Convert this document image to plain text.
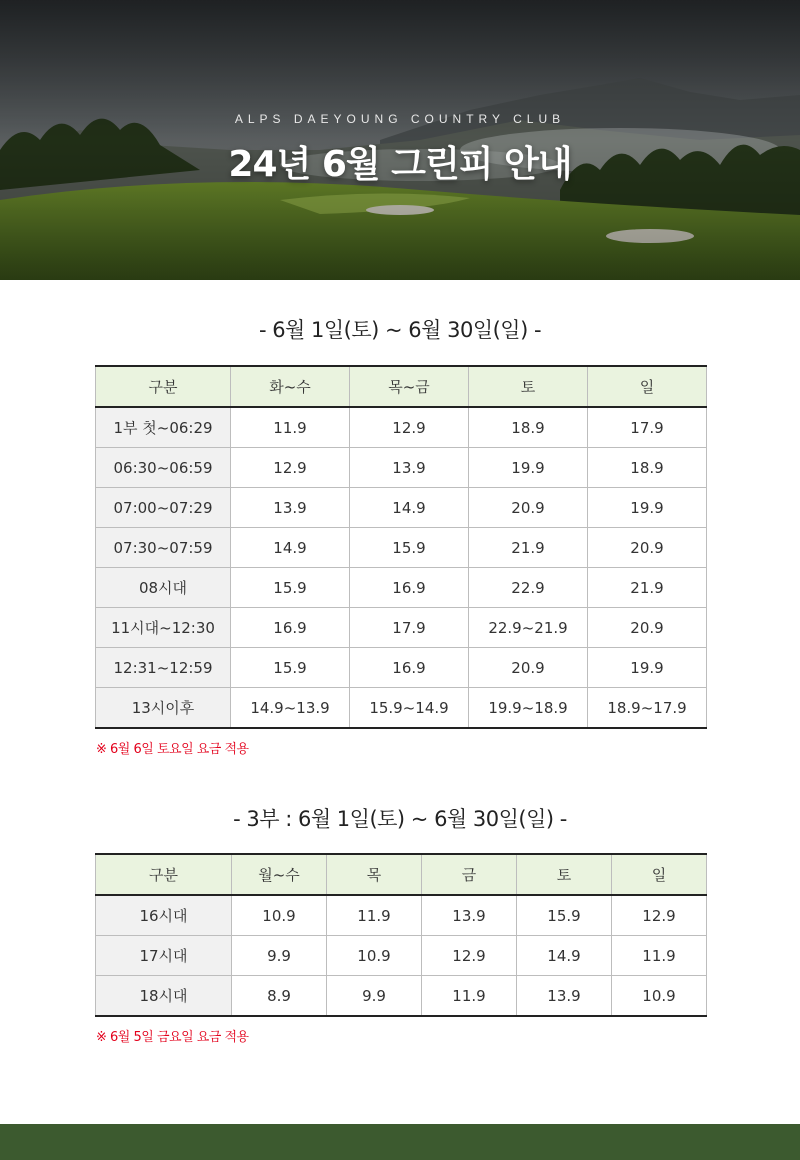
ALPS DAEYOUNG COUNTRY CLUB
24년 6월 그린피 안내
- 6월 1일(토) ~ 6월 30일(일) -
구분	화~수	목~금	토	일
1부 첫~06:29	11.9	12.9	18.9	17.9
06:30~06:59	12.9	13.9	19.9	18.9
07:00~07:29	13.9	14.9	20.9	19.9
07:30~07:59	14.9	15.9	21.9	20.9
08시대	15.9	16.9	22.9	21.9
11시대~12:30	16.9	17.9	22.9~21.9	20.9
12:31~12:59	15.9	16.9	20.9	19.9
13시이후	14.9~13.9	15.9~14.9	19.9~18.9	18.9~17.9
※ 6월 6일 토요일 요금 적용
- 3부 : 6월 1일(토) ~ 6월 30일(일) -
구분	월~수	목	금	토	일
16시대	10.9	11.9	13.9	15.9	12.9
17시대	9.9	10.9	12.9	14.9	11.9
18시대	8.9	9.9	11.9	13.9	10.9
※ 6월 5일 금요일 요금 적용
